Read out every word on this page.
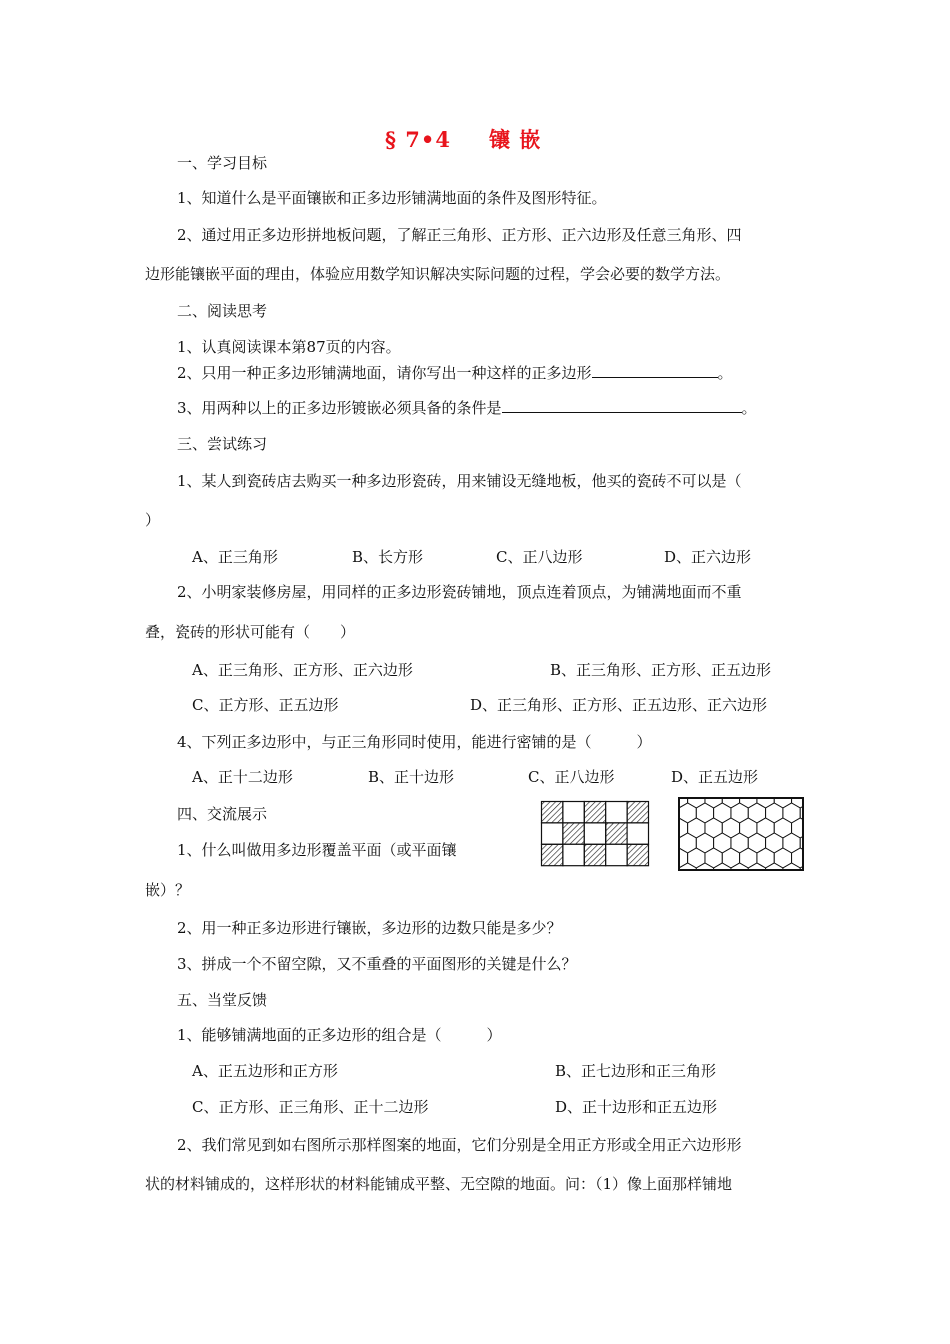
§ 7•4 镶 嵌
一、学习目标
1、知道什么是平面镶嵌和正多边形铺满地面的条件及图形特征。
2、通过用正多边形拼地板问题，了解正三角形、正方形、正六边形及任意三角形、四
边形能镶嵌平面的理由，体验应用数学知识解决实际问题的过程，学会必要的数学方法。
二、阅读思考
1、认真阅读课本第87页的内容。
2、只用一种正多边形铺满地面，请你写出一种这样的正多边形	。
3、用两种以上的正多边形镀嵌必须具备的条件是	。
三、尝试练习
1、某人到瓷砖店去购买一种多边形瓷砖，用来铺设无缝地板，他买的瓷砖不可以是（
）
A、正三角形	B、长方形	C、正八边形	D、正六边形
2、小明家装修房屋，用同样的正多边形瓷砖铺地，顶点连着顶点，为铺满地面而不重
叠，瓷砖的形状可能有（　　）
A、正三角形、正方形、正六边形	B、正三角形、正方形、正五边形
C、正方形、正五边形	D、正三角形、正方形、正五边形、正六边形
4、下列正多边形中，与正三角形同时使用，能进行密铺的是（　　　）
A、正十二边形	B、正十边形	C、正八边形	D、正五边形
四、交流展示
1、什么叫做用多边形覆盖平面（或平面镶
嵌）？
2、用一种正多边形进行镶嵌，多边形的边数只能是多少？
3、拼成一个不留空隙，又不重叠的平面图形的关键是什么？
五、当堂反馈
1、能够铺满地面的正多边形的组合是（　　　）
A、正五边形和正方形	B、正七边形和正三角形
C、正方形、正三角形、正十二边形	D、正十边形和正五边形
2、我们常见到如右图所示那样图案的地面，它们分别是全用正方形或全用正六边形形
状的材料铺成的，这样形状的材料能铺成平整、无空隙的地面。问：（1）像上面那样铺地
